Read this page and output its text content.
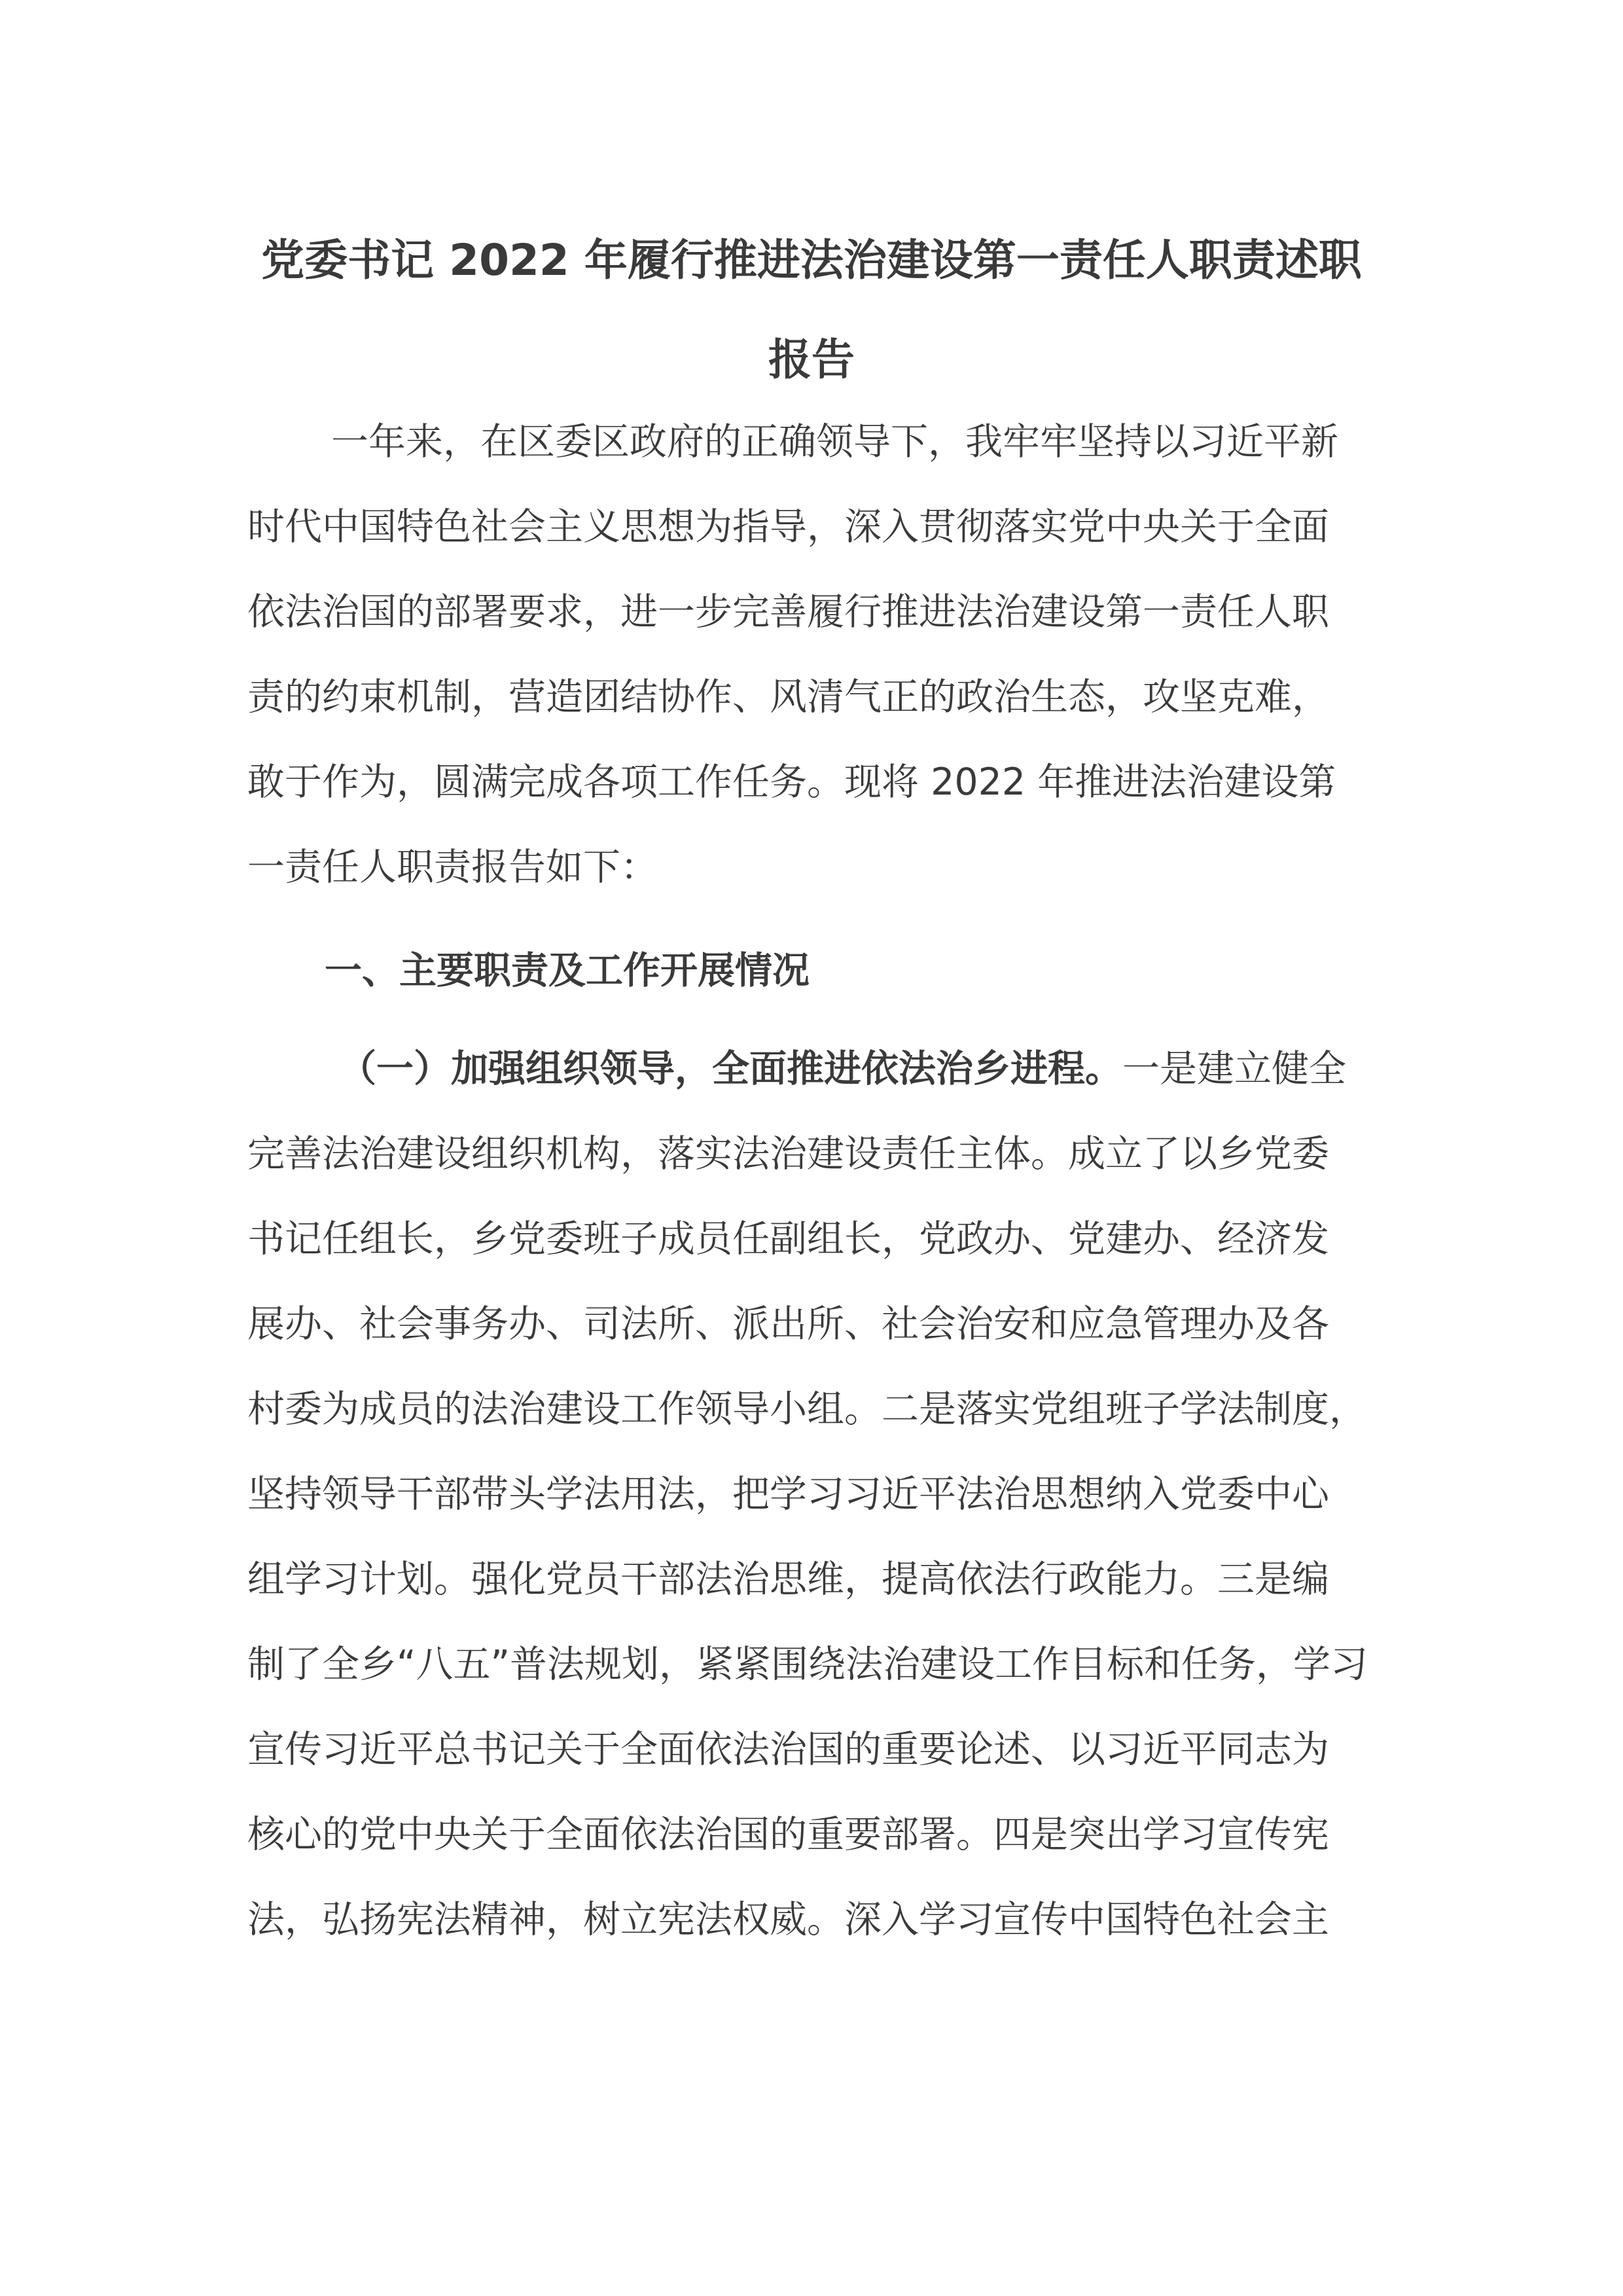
党委书记 2022 年履行推进法治建设第一责任人职责述职
报告
一年来，在区委区政府的正确领导下，我牢牢坚持以习近平新
时代中国特色社会主义思想为指导，深入贯彻落实党中央关于全面
依法治国的部署要求，进一步完善履行推进法治建设第一责任人职
责的约束机制，营造团结协作、风清气正的政治生态，攻坚克难，
敢于作为，圆满完成各项工作任务。现将 2022 年推进法治建设第
一责任人职责报告如下：
一、主要职责及工作开展情况
（一）加强组织领导，全面推进依法治乡进程。一是建立健全
完善法治建设组织机构，落实法治建设责任主体。成立了以乡党委
书记任组长，乡党委班子成员任副组长，党政办、党建办、经济发
展办、社会事务办、司法所、派出所、社会治安和应急管理办及各
村委为成员的法治建设工作领导小组。二是落实党组班子学法制度，
坚持领导干部带头学法用法，把学习习近平法治思想纳入党委中心
组学习计划。强化党员干部法治思维，提高依法行政能力。三是编
制了全乡“八五”普法规划，紧紧围绕法治建设工作目标和任务，学习
宣传习近平总书记关于全面依法治国的重要论述、以习近平同志为
核心的党中央关于全面依法治国的重要部署。四是突出学习宣传宪
法，弘扬宪法精神，树立宪法权威。深入学习宣传中国特色社会主
